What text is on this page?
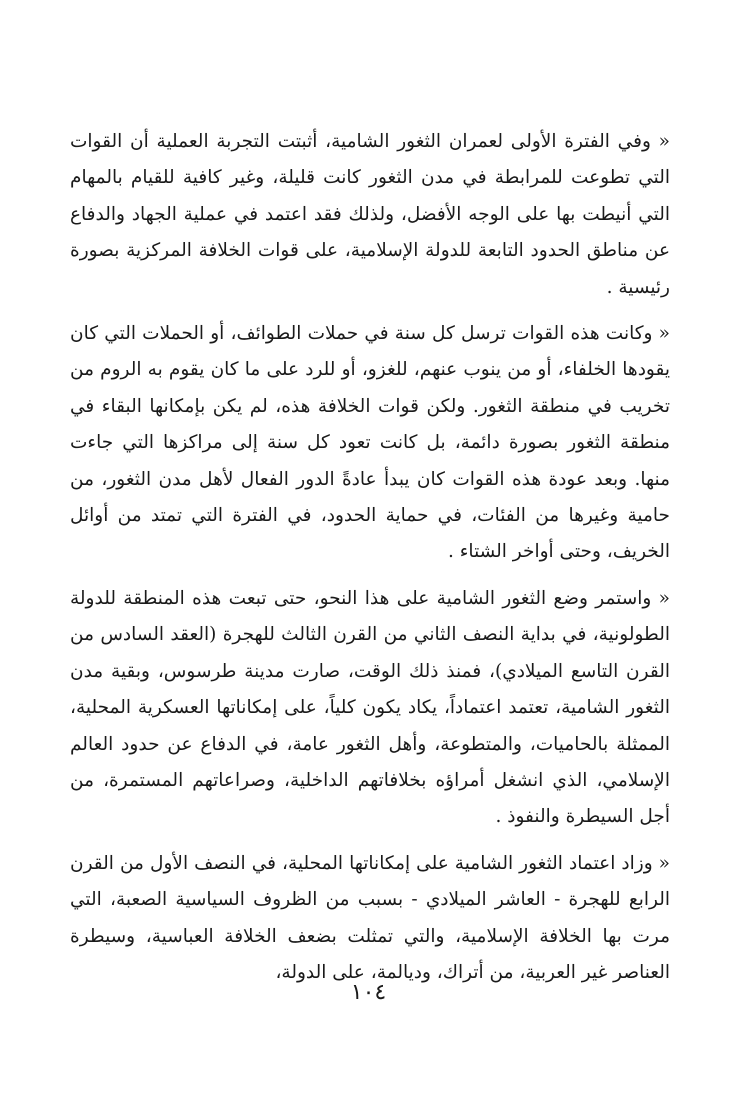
« وفي الفترة الأولى لعمران الثغور الشامية، أثبتت التجربة العملية أن القوات التي تطوعت للمرابطة في مدن الثغور كانت قليلة، وغير كافية للقيام بالمهام التي أنيطت بها على الوجه الأفضل، ولذلك فقد اعتمد في عملية الجهاد والدفاع عن مناطق الحدود التابعة للدولة الإسلامية، على قوات الخلافة المركزية بصورة رئيسية .

« وكانت هذه القوات ترسل كل سنة في حملات الطوائف، أو الحملات التي كان يقودها الخلفاء، أو من ينوب عنهم، للغزو، أو للرد على ما كان يقوم به الروم من تخريب في منطقة الثغور. ولكن قوات الخلافة هذه، لم يكن بإمكانها البقاء في منطقة الثغور بصورة دائمة، بل كانت تعود كل سنة إلى مراكزها التي جاءت منها. وبعد عودة هذه القوات كان يبدأ عادةً الدور الفعال لأهل مدن الثغور، من حامية وغيرها من الفئات، في حماية الحدود، في الفترة التي تمتد من أوائل الخريف، وحتى أواخر الشتاء .

« واستمر وضع الثغور الشامية على هذا النحو، حتى تبعت هذه المنطقة للدولة الطولونية، في بداية النصف الثاني من القرن الثالث للهجرة (العقد السادس من القرن التاسع الميلادي)، فمنذ ذلك الوقت، صارت مدينة طرسوس، وبقية مدن الثغور الشامية، تعتمد اعتماداً، يكاد يكون كلياً، على إمكاناتها العسكرية المحلية، الممثلة بالحاميات، والمتطوعة، وأهل الثغور عامة، في الدفاع عن حدود العالم الإسلامي، الذي انشغل أمراؤه بخلافاتهم الداخلية، وصراعاتهم المستمرة، من أجل السيطرة والنفوذ .

« وزاد اعتماد الثغور الشامية على إمكاناتها المحلية، في النصف الأول من القرن الرابع للهجرة - العاشر الميلادي - بسبب من الظروف السياسية الصعبة، التي مرت بها الخلافة الإسلامية، والتي تمثلت بضعف الخلافة العباسية، وسيطرة العناصر غير العربية، من أتراك، وديالمة، على الدولة،

١٠٤
